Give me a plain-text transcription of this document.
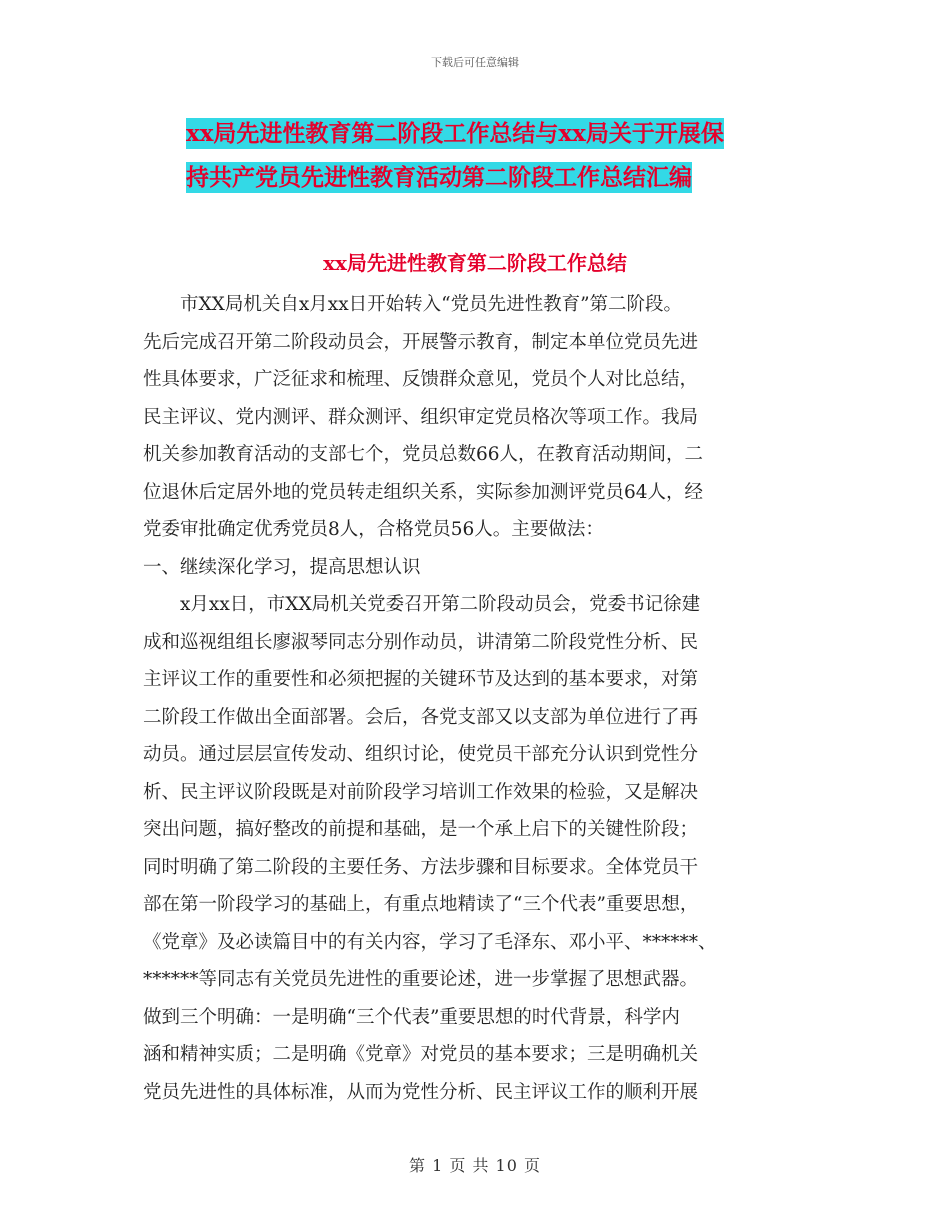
下载后可任意编辑
xx局先进性教育第二阶段工作总结与xx局关于开展保
持共产党员先进性教育活动第二阶段工作总结汇编
xx局先进性教育第二阶段工作总结
市XX局机关自x月xx日开始转入“党员先进性教育”第二阶段。
先后完成召开第二阶段动员会，开展警示教育，制定本单位党员先进
性具体要求，广泛征求和梳理、反馈群众意见，党员个人对比总结，
民主评议、党内测评、群众测评、组织审定党员格次等项工作。我局
机关参加教育活动的支部七个，党员总数66人，在教育活动期间，二
位退休后定居外地的党员转走组织关系，实际参加测评党员64人，经
党委审批确定优秀党员8人，合格党员56人。主要做法：
一、继续深化学习，提高思想认识
x月xx日，市XX局机关党委召开第二阶段动员会，党委书记徐建
成和巡视组组长廖淑琴同志分别作动员，讲清第二阶段党性分析、民
主评议工作的重要性和必须把握的关键环节及达到的基本要求，对第
二阶段工作做出全面部署。会后，各党支部又以支部为单位进行了再
动员。通过层层宣传发动、组织讨论，使党员干部充分认识到党性分
析、民主评议阶段既是对前阶段学习培训工作效果的检验，又是解决
突出问题，搞好整改的前提和基础，是一个承上启下的关键性阶段；
同时明确了第二阶段的主要任务、方法步骤和目标要求。全体党员干
部在第一阶段学习的基础上，有重点地精读了“三个代表”重要思想，
《党章》及必读篇目中的有关内容，学习了毛泽东、邓小平、******、
******等同志有关党员先进性的重要论述，进一步掌握了思想武器。
做到三个明确：一是明确“三个代表”重要思想的时代背景，科学内
涵和精神实质；二是明确《党章》对党员的基本要求；三是明确机关
党员先进性的具体标准，从而为党性分析、民主评议工作的顺利开展
第 1 页 共 10 页
